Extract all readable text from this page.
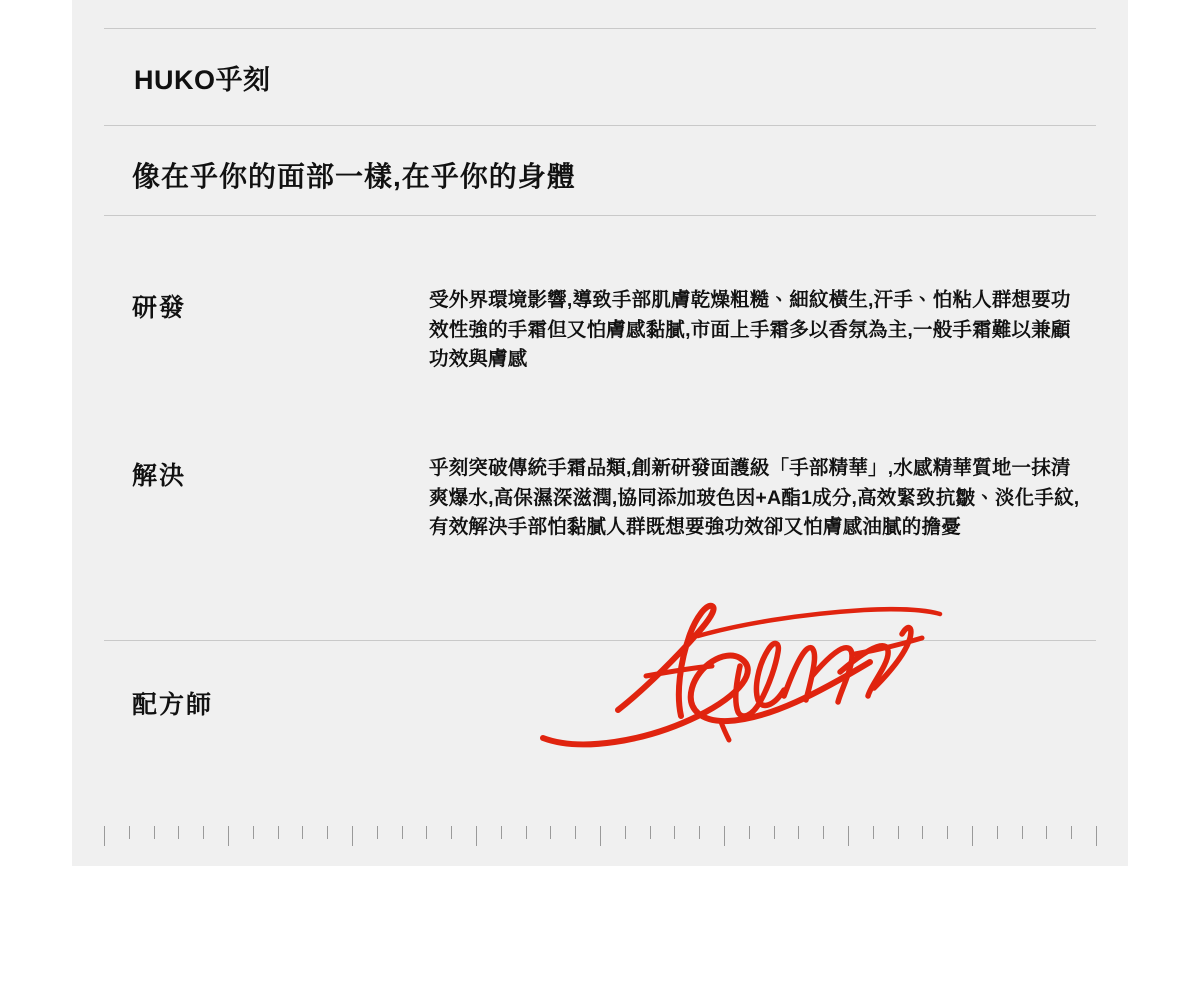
HUKO乎刻
像在乎你的面部一樣,在乎你的身體
研發	受外界環境影響,導致手部肌膚乾燥粗糙、細紋橫生,汗手、怕粘人群想要功效性強的手霜但又怕膚感黏膩,市面上手霜多以香氛為主,一般手霜難以兼顧功效與膚感
解決	乎刻突破傳統手霜品類,創新研發面護級「手部精華」,水感精華質地一抹清爽爆水,高保濕深滋潤,協同添加玻色因+A酯1成分,高效緊致抗皺、淡化手紋,有效解決手部怕黏膩人群既想要強功效卻又怕膚感油膩的擔憂
配方師
